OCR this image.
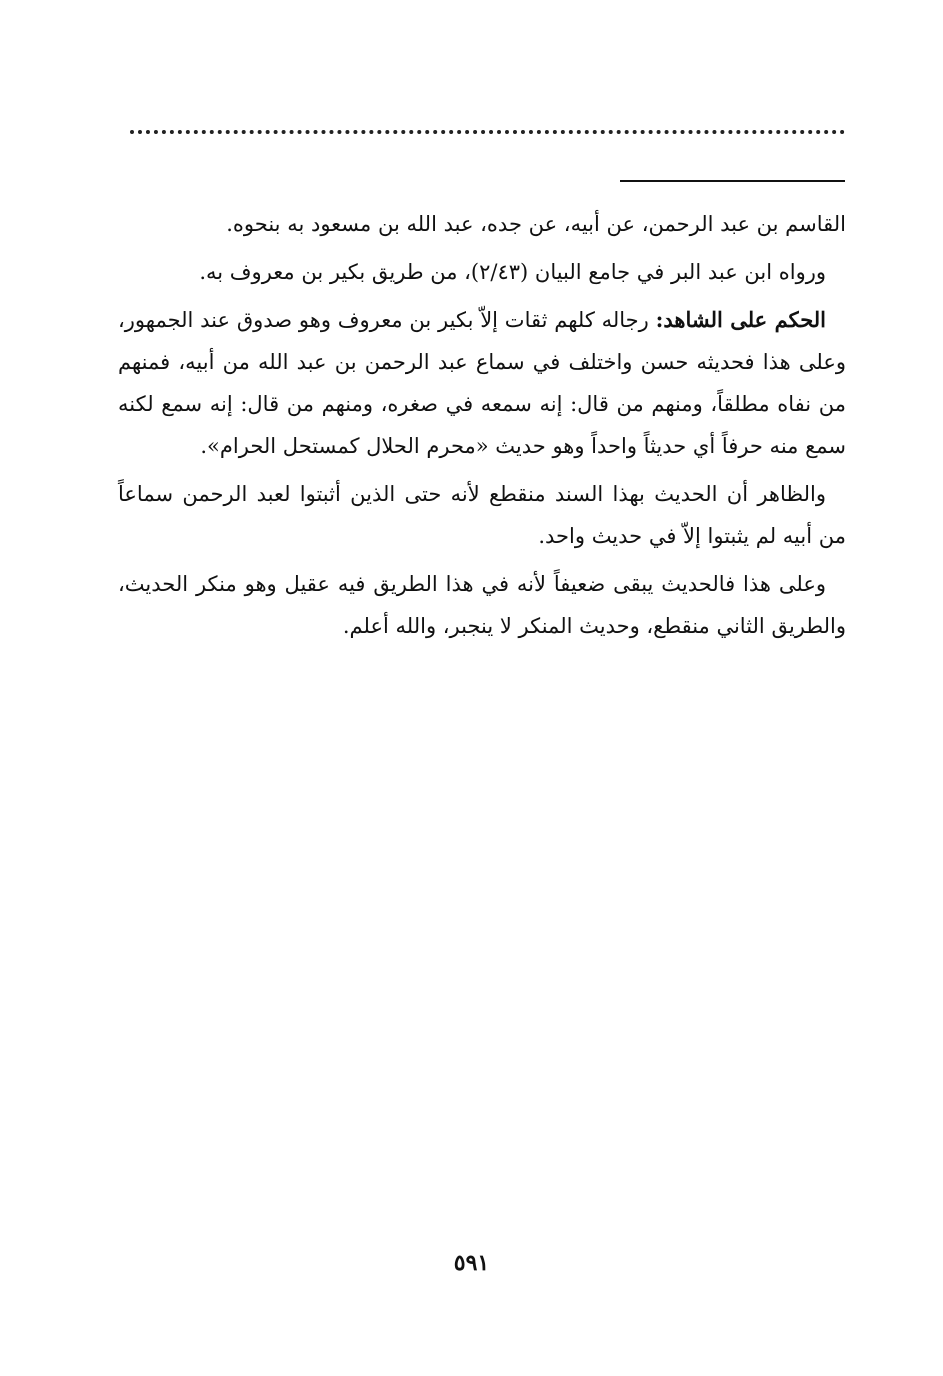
القاسم بن عبد الرحمن، عن أبيه، عن جده، عبد الله بن مسعود به بنحوه.

ورواه ابن عبد البر في جامع البيان (٢/٤٣)، من طريق بكير بن معروف به.

الحكم على الشاهد: رجاله كلهم ثقات إلاّ بكير بن معروف وهو صدوق عند الجمهور، وعلى هذا فحديثه حسن واختلف في سماع عبد الرحمن بن عبد الله من أبيه، فمنهم من نفاه مطلقاً، ومنهم من قال: إنه سمعه في صغره، ومنهم من قال: إنه سمع لكنه سمع منه حرفاً أي حديثاً واحداً وهو حديث «محرم الحلال كمستحل الحرام».

والظاهر أن الحديث بهذا السند منقطع لأنه حتى الذين أثبتوا لعبد الرحمن سماعاً من أبيه لم يثبتوا إلاّ في حديث واحد.

وعلى هذا فالحديث يبقى ضعيفاً لأنه في هذا الطريق فيه عقيل وهو منكر الحديث، والطريق الثاني منقطع، وحديث المنكر لا ينجبر، والله أعلم.

٥٩١
